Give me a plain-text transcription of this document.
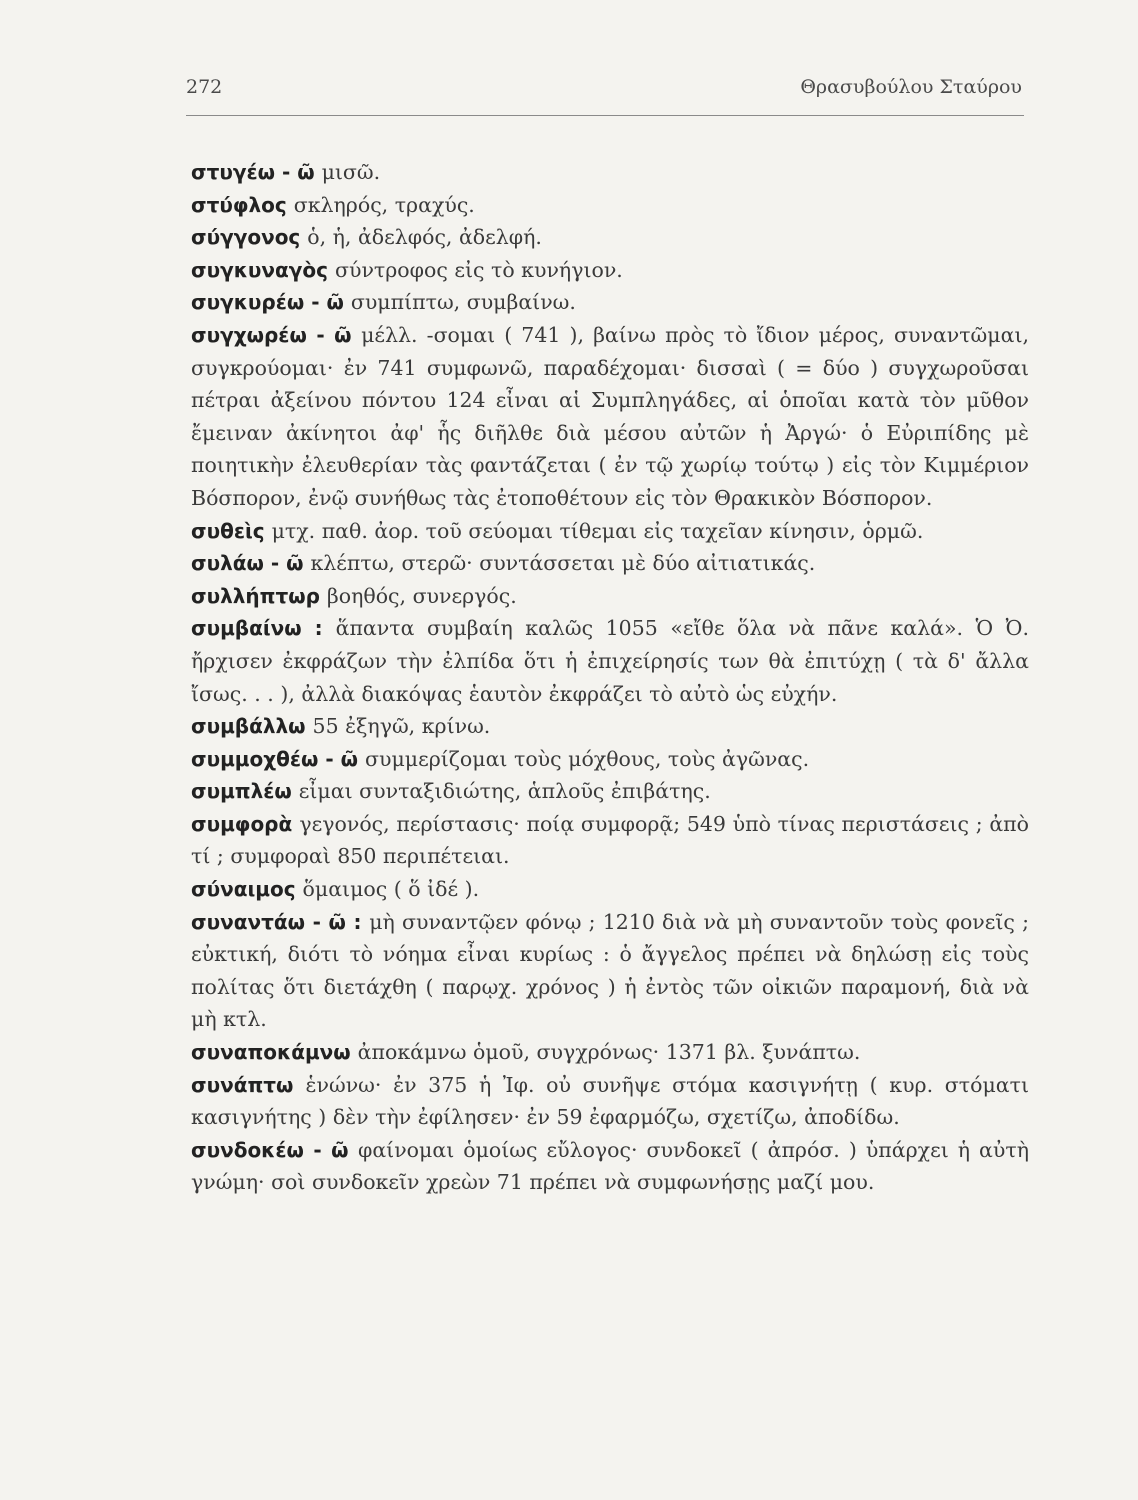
272	Θρασυβούλου Σταύρου
στυγέω - ῶ μισῶ.
στύφλος σκληρός, τραχύς.
σύγγονος ὁ, ἡ, ἀδελφός, ἀδελφή.
συγκυναγὸς σύντροφος εἰς τὸ κυνήγιον.
συγκυρέω - ῶ συμπίπτω, συμβαίνω.
συγχωρέω - ῶ μέλλ. -σομαι ( 741 ), βαίνω πρὸς τὸ ἴδιον μέρος, συναντῶμαι, συγκρούομαι· ἐν 741 συμφωνῶ, παραδέχομαι· δισσαὶ ( = δύο ) συγχωροῦσαι πέτραι ἀξείνου πόντου 124 εἶναι αἱ Συμπληγάδες, αἱ ὁποῖαι κατὰ τὸν μῦθον ἔμειναν ἀκίνητοι ἀφ' ἧς διῆλθε διὰ μέσου αὐτῶν ἡ Ἀργώ· ὁ Εὐριπίδης μὲ ποιητικὴν ἐλευθερίαν τὰς φαντάζεται ( ἐν τῷ χωρίῳ τούτῳ ) εἰς τὸν Κιμμέριον Βόσπορον, ἐνῷ συνήθως τὰς ἐτοποθέτουν εἰς τὸν Θρακικὸν Βόσπορον.
συθεὶς μτχ. παθ. ἀορ. τοῦ σεύομαι τίθεμαι εἰς ταχεῖαν κίνησιν, ὁρμῶ.
συλάω - ῶ κλέπτω, στερῶ· συντάσσεται μὲ δύο αἰτιατικάς.
συλλήπτωρ βοηθός, συνεργός.
συμβαίνω : ἅπαντα συμβαίη καλῶς 1055 «εἴθε ὅλα νὰ πᾶνε καλά». Ὁ Ὀ. ἤρχισεν ἐκφράζων τὴν ἐλπίδα ὅτι ἡ ἐπιχείρησίς των θὰ ἐπιτύχῃ ( τὰ δ' ἄλλα ἴσως. . . ), ἀλλὰ διακόψας ἑαυτὸν ἐκφράζει τὸ αὐτὸ ὡς εὐχήν.
συμβάλλω 55 ἐξηγῶ, κρίνω.
συμμοχθέω - ῶ συμμερίζομαι τοὺς μόχθους, τοὺς ἀγῶνας.
συμπλέω εἶμαι συνταξιδιώτης, ἁπλοῦς ἐπιβάτης.
συμφορὰ γεγονός, περίστασις· ποίᾳ συμφορᾷ; 549 ὑπὸ τίνας περιστάσεις ; ἀπὸ τί ; συμφοραὶ 850 περιπέτειαι.
σύναιμος ὅμαιμος ( ὅ ἰδέ ).
συναντάω - ῶ : μὴ συναντῷεν φόνῳ ; 1210 διὰ νὰ μὴ συναντοῦν τοὺς φονεῖς ; εὐκτική, διότι τὸ νόημα εἶναι κυρίως : ὁ ἄγγελος πρέπει νὰ δηλώσῃ εἰς τοὺς πολίτας ὅτι διετάχθη ( παρῳχ. χρόνος ) ἡ ἐντὸς τῶν οἰκιῶν παραμονή, διὰ νὰ μὴ κτλ.
συναποκάμνω ἀποκάμνω ὁμοῦ, συγχρόνως· 1371 βλ. ξυνάπτω.
συνάπτω ἑνώνω· ἐν 375 ἡ Ἰφ. οὐ συνῆψε στόμα κασιγνήτῃ ( κυρ. στόματι κασιγνήτης ) δὲν τὴν ἐφίλησεν· ἐν 59 ἐφαρμόζω, σχετίζω, ἀποδίδω.
συνδοκέω - ῶ φαίνομαι ὁμοίως εὔλογος· συνδοκεῖ ( ἀπρόσ. ) ὑπάρχει ἡ αὐτὴ γνώμη· σοὶ συνδοκεῖν χρεὼν 71 πρέπει νὰ συμφωνήσῃς μαζί μου.
